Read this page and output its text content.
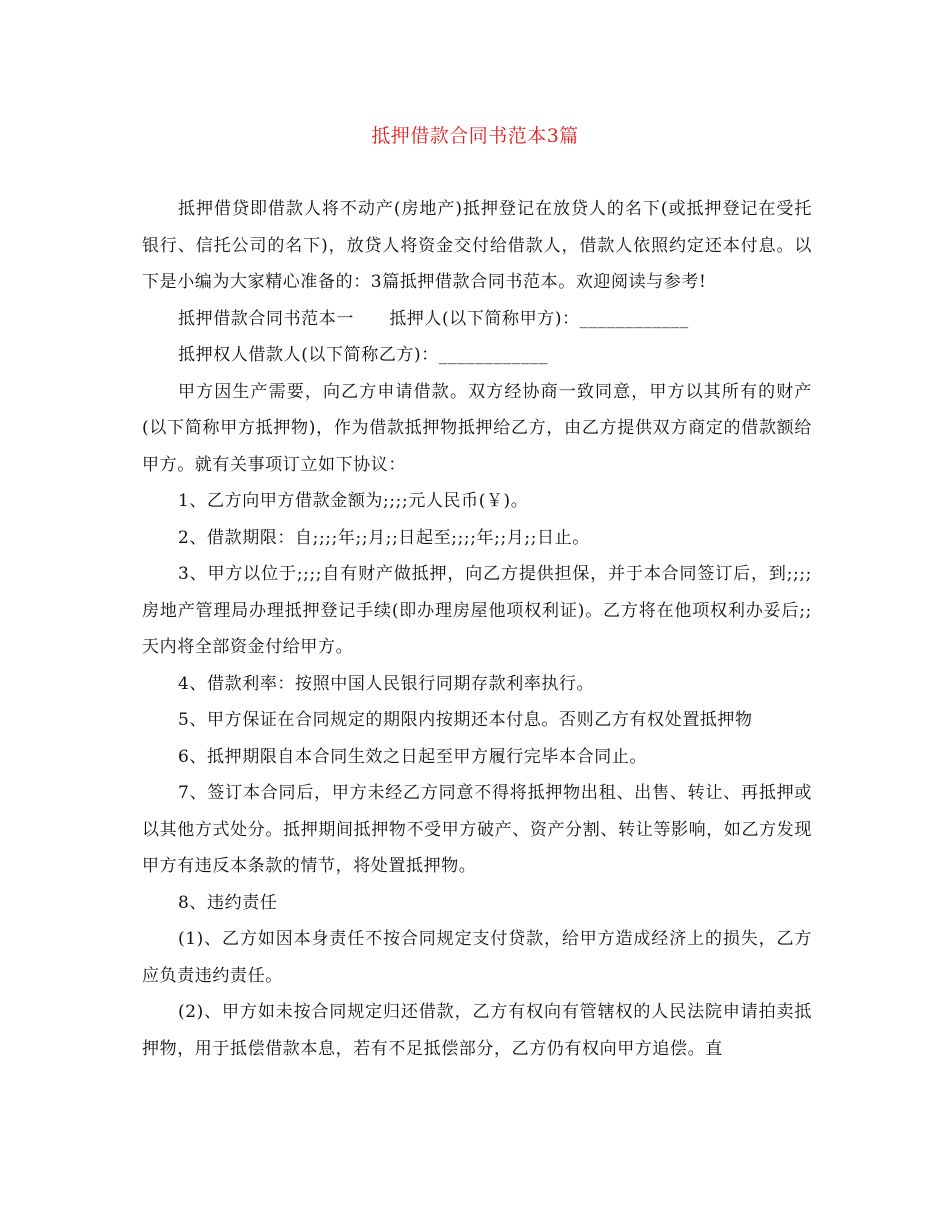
抵押借款合同书范本3篇

抵押借贷即借款人将不动产(房地产)抵押登记在放贷人的名下(或抵押登记在受托银行、信托公司的名下)，放贷人将资金交付给借款人，借款人依照约定还本付息。以下是小编为大家精心准备的：3篇抵押借款合同书范本。欢迎阅读与参考!

抵押借款合同书范本一　　抵押人(以下简称甲方)：____________

抵押权人借款人(以下简称乙方)：____________

甲方因生产需要，向乙方申请借款。双方经协商一致同意，甲方以其所有的财产(以下简称甲方抵押物)，作为借款抵押物抵押给乙方，由乙方提供双方商定的借款额给甲方。就有关事项订立如下协议：

1、乙方向甲方借款金额为;;;;元人民币(￥)。

2、借款期限：自;;;;年;;月;;日起至;;;;年;;月;;日止。

3、甲方以位于;;;;自有财产做抵押，向乙方提供担保，并于本合同签订后，到;;;;房地产管理局办理抵押登记手续(即办理房屋他项权利证)。乙方将在他项权利办妥后;;天内将全部资金付给甲方。

4、借款利率：按照中国人民银行同期存款利率执行。

5、甲方保证在合同规定的期限内按期还本付息。否则乙方有权处置抵押物

6、抵押期限自本合同生效之日起至甲方履行完毕本合同止。

7、签订本合同后，甲方未经乙方同意不得将抵押物出租、出售、转让、再抵押或以其他方式处分。抵押期间抵押物不受甲方破产、资产分割、转让等影响，如乙方发现甲方有违反本条款的情节，将处置抵押物。

8、违约责任

(1)、乙方如因本身责任不按合同规定支付贷款，给甲方造成经济上的损失，乙方应负责违约责任。

(2)、甲方如未按合同规定归还借款，乙方有权向有管辖权的人民法院申请拍卖抵押物，用于抵偿借款本息，若有不足抵偿部分，乙方仍有权向甲方追偿。直
